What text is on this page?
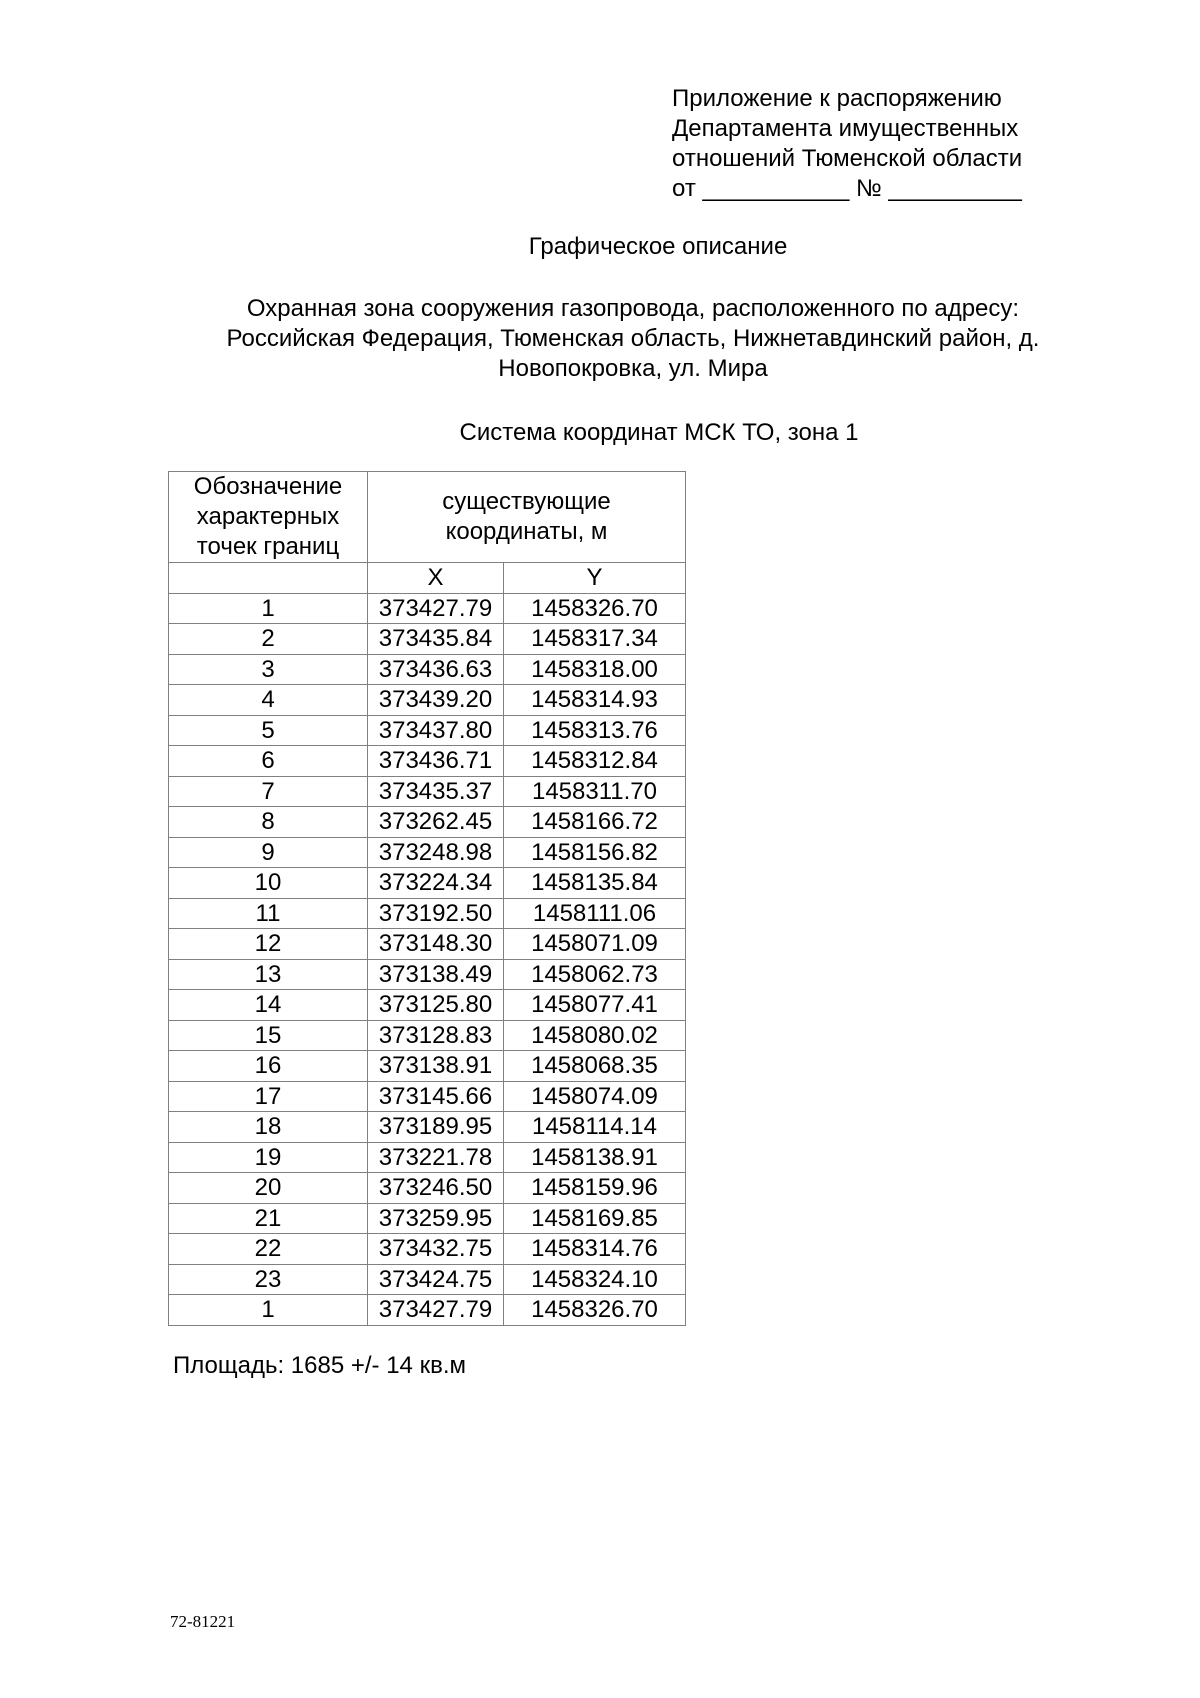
Приложение к распоряжению
Департамента имущественных
отношений Тюменской области
от ___________ № __________
Графическое описание
Охранная зона сооружения газопровода, расположенного по адресу:
Российская Федерация, Тюменская область, Нижнетавдинский район, д.
Новопокровка, ул. Мира
Система координат МСК ТО, зона 1
Обозначение характерных точек границ	существующие координаты, м	

	X	Y
1	373427.79	1458326.70
2	373435.84	1458317.34
3	373436.63	1458318.00
4	373439.20	1458314.93
5	373437.80	1458313.76
6	373436.71	1458312.84
7	373435.37	1458311.70
8	373262.45	1458166.72
9	373248.98	1458156.82
10	373224.34	1458135.84
11	373192.50	1458111.06
12	373148.30	1458071.09
13	373138.49	1458062.73
14	373125.80	1458077.41
15	373128.83	1458080.02
16	373138.91	1458068.35
17	373145.66	1458074.09
18	373189.95	1458114.14
19	373221.78	1458138.91
20	373246.50	1458159.96
21	373259.95	1458169.85
22	373432.75	1458314.76
23	373424.75	1458324.10
1	373427.79	1458326.70
Площадь: 1685 +/- 14 кв.м
72-81221
